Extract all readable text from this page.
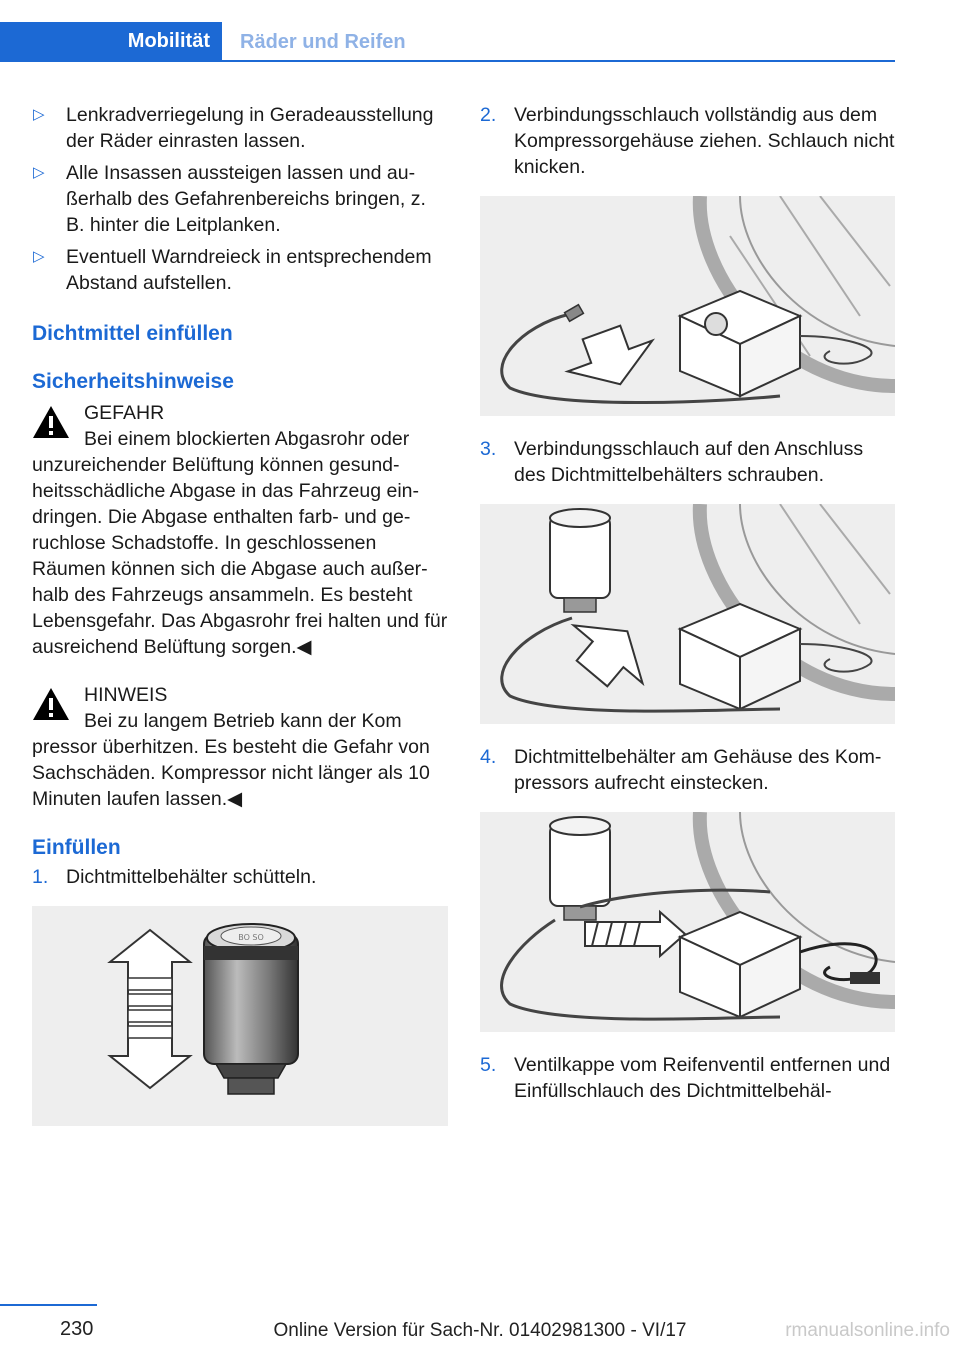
Mobilität	Räder und Reifen
▷ Lenkradverriegelung in Geradeausstellung der Räder einrasten lassen.
▷ Alle Insassen aussteigen lassen und außerhalb des Gefahrenbereichs bringen, z. B. hinter die Leitplanken.
▷ Eventuell Warndreieck in entsprechendem Abstand aufstellen.
Dichtmittel einfüllen
Sicherheitshinweise
GEFAHR
Bei einem blockierten Abgasrohr oder
unzureichender Belüftung können gesundheitsschädliche Abgase in das Fahrzeug eindringen. Die Abgase enthalten farb- und geruchlose Schadstoffe. In geschlossenen Räumen können sich die Abgase auch außerhalb des Fahrzeugs ansammeln. Es besteht Lebensgefahr. Das Abgasrohr frei halten und für ausreichend Belüftung sorgen.◀
HINWEIS
Bei zu langem Betrieb kann der Kom
pressor überhitzen. Es besteht die Gefahr von Sachschäden. Kompressor nicht länger als 10 Minuten laufen lassen.◀
Einfüllen
1. Dichtmittelbehälter schütteln.
BO SO
2. Verbindungsschlauch vollständig aus dem Kompressorgehäuse ziehen. Schlauch nicht knicken.
3. Verbindungsschlauch auf den Anschluss des Dichtmittelbehälters schrauben.
4. Dichtmittelbehälter am Gehäuse des Kompressors aufrecht einstecken.
5. Ventilkappe vom Reifenventil entfernen und Einfüllschlauch des Dichtmittelbehäl-
230	Online Version für Sach-Nr. 01402981300 - VI/17	rmanualsonline.info
